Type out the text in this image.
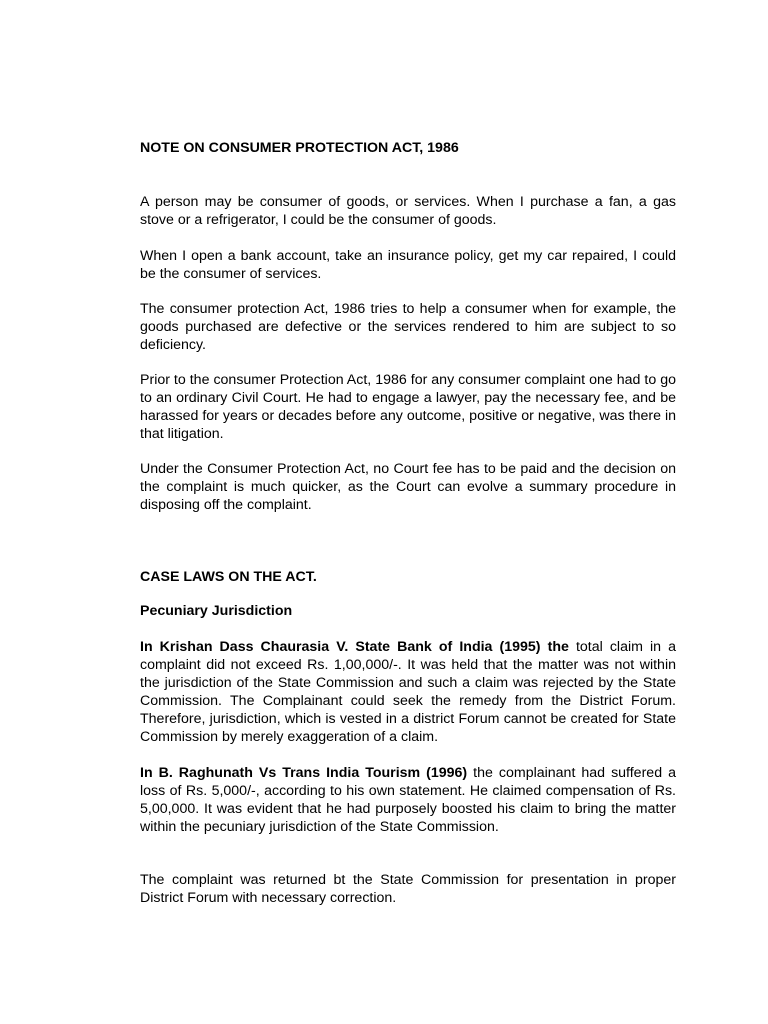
NOTE ON CONSUMER PROTECTION ACT, 1986

A person may be consumer of goods, or services. When I purchase a fan, a gas stove or a refrigerator, I could be the consumer of goods.

When I open a bank account, take an insurance policy, get my car repaired, I could be the consumer of services.

The consumer protection Act, 1986 tries to help a consumer when for example, the goods purchased are defective or the services rendered to him are subject to so deficiency.

Prior to the consumer Protection Act, 1986 for any consumer complaint one had to go to an ordinary Civil Court. He had to engage a lawyer, pay the necessary fee, and be harassed for years or decades before any outcome, positive or negative, was there in that litigation.

Under the Consumer Protection Act, no Court fee has to be paid and the decision on the complaint is much quicker, as the Court can evolve a summary procedure in disposing off the complaint.

CASE LAWS ON THE ACT.
Pecuniary Jurisdiction

In Krishan Dass Chaurasia V. State Bank of India (1995) the total claim in a complaint did not exceed Rs. 1,00,000/-. It was held that the matter was not within the jurisdiction of the State Commission and such a claim was rejected by the State Commission. The Complainant could seek the remedy from the District Forum. Therefore, jurisdiction, which is vested in a district Forum cannot be created for State Commission by merely exaggeration of a claim.

In B. Raghunath Vs Trans India Tourism (1996) the complainant had suffered a loss of Rs. 5,000/-, according to his own statement. He claimed compensation of Rs. 5,00,000. It was evident that he had purposely boosted his claim to bring the matter within the pecuniary jurisdiction of the State Commission.

The complaint was returned bt the State Commission for presentation in proper District Forum with necessary correction.
